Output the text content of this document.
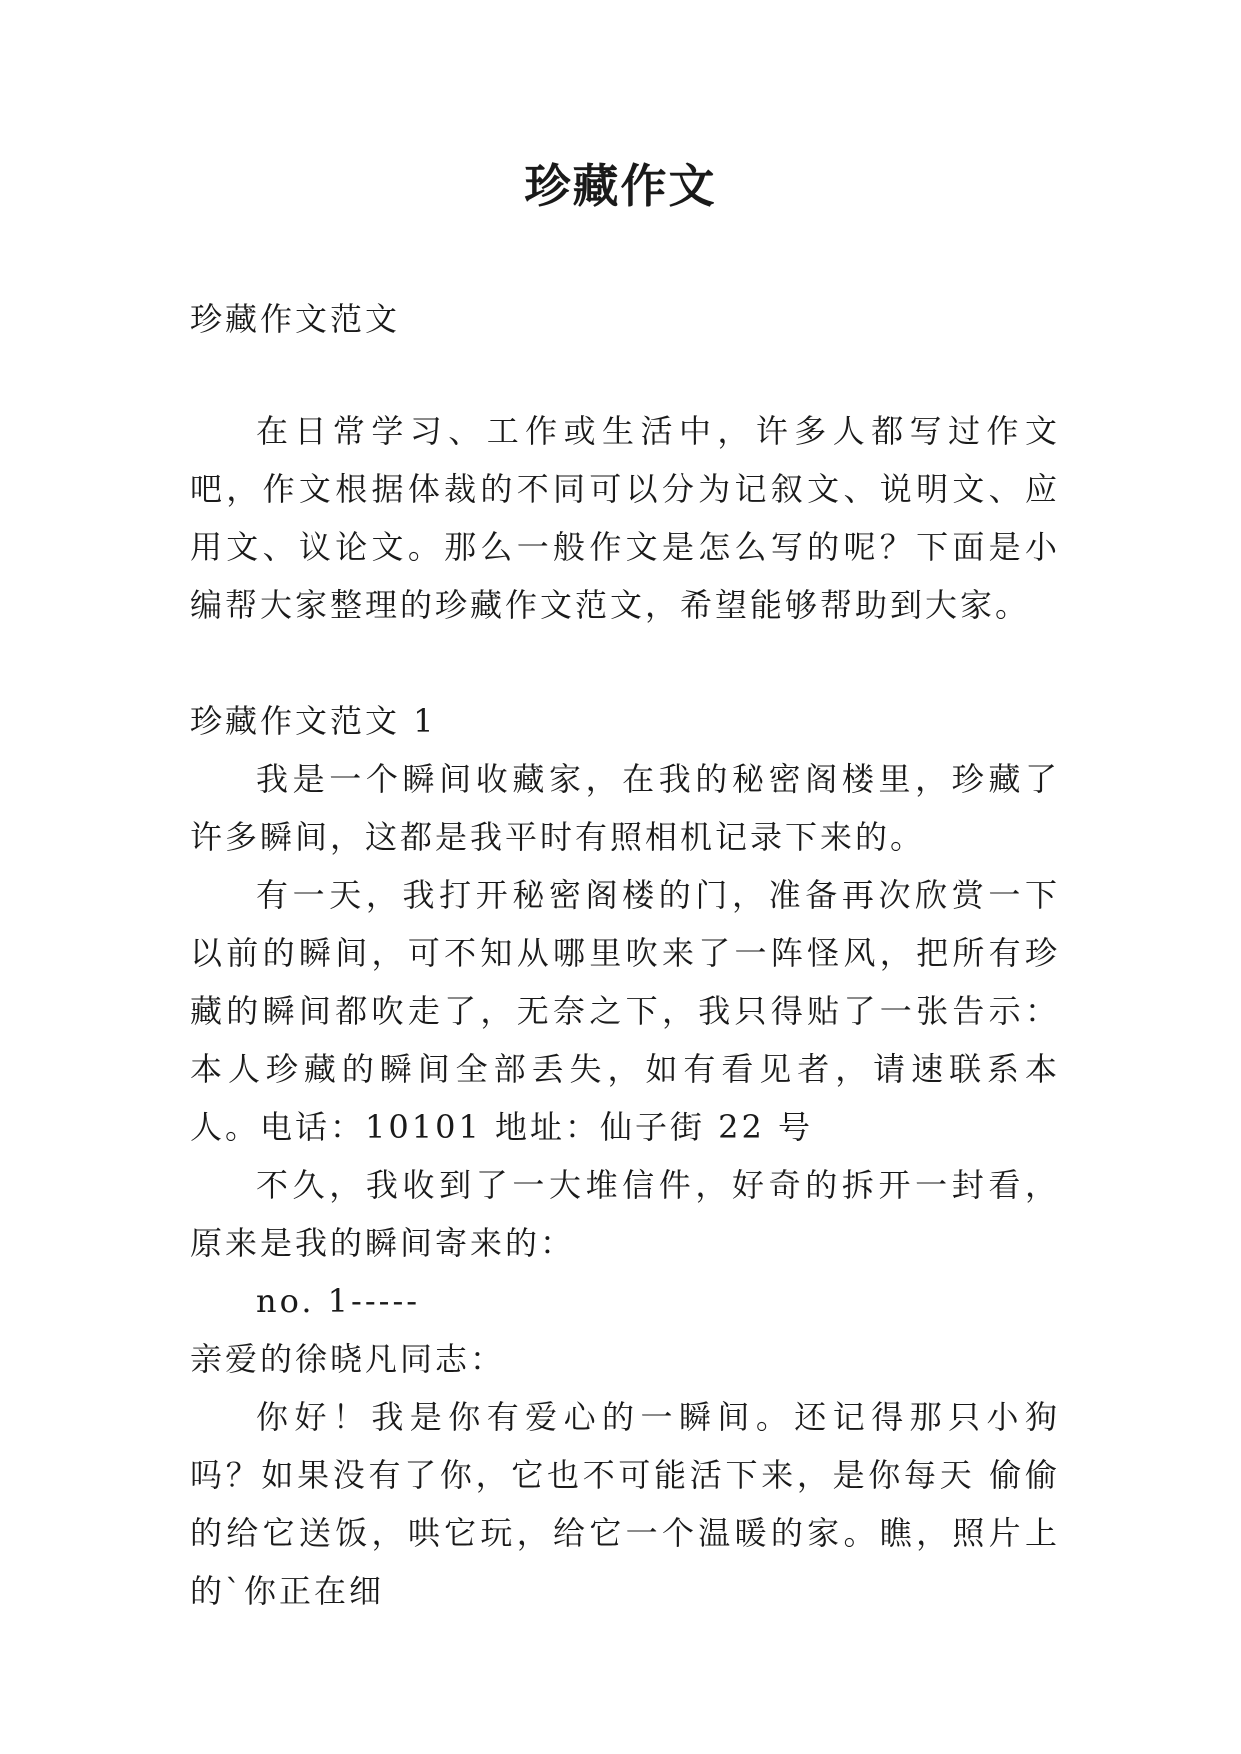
珍藏作文

珍藏作文范文

在日常学习、工作或生活中，许多人都写过作文吧，作文根据体裁的不同可以分为记叙文、说明文、应用文、议论文。那么一般作文是怎么写的呢？下面是小编帮大家整理的珍藏作文范文，希望能够帮助到大家。

珍藏作文范文 1

我是一个瞬间收藏家，在我的秘密阁楼里，珍藏了许多瞬间，这都是我平时有照相机记录下来的。

有一天，我打开秘密阁楼的门，准备再次欣赏一下以前的瞬间，可不知从哪里吹来了一阵怪风，把所有珍藏的瞬间都吹走了，无奈之下，我只得贴了一张告示：本人珍藏的瞬间全部丢失，如有看见者，请速联系本人。电话：10101 地址：仙子街 22 号

不久，我收到了一大堆信件，好奇的拆开一封看，原来是我的瞬间寄来的：

no. 1-----

亲爱的徐晓凡同志：

你好！我是你有爱心的一瞬间。还记得那只小狗吗？如果没有了你，它也不可能活下来，是你每天 偷偷的给它送饭，哄它玩，给它一个温暖的家。瞧，照片上的`你正在细
